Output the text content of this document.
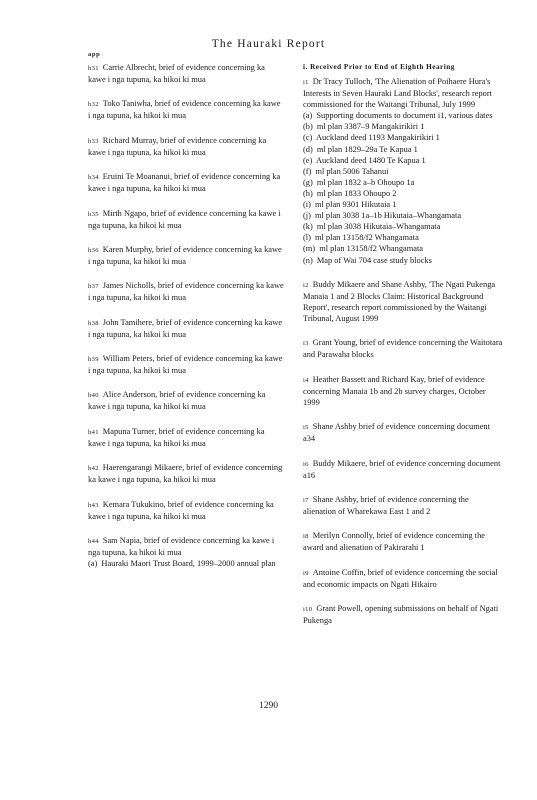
The Hauraki Report
app
h31 Carrie Albrecht, brief of evidence concerning ka kawe i nga tupuna, ka hikoi ki mua
h32 Toko Taniwha, brief of evidence concerning ka kawe i nga tupuna, ka hikoi ki mua
h33 Richard Murray, brief of evidence concerning ka kawe i nga tupuna, ka hikoi ki mua
h34 Eruini Te Moananui, brief of evidence concerning ka kawe i nga tupuna, ka hikoi ki mua
h35 Mirth Ngapo, brief of evidence concerning ka kawe i nga tupuna, ka hikoi ki mua
h36 Karen Murphy, brief of evidence concerning ka kawe i nga tupuna, ka hikoi ki mua
h37 James Nicholls, brief of evidence concerning ka kawe i nga tupuna, ka hikoi ki mua
h38 John Tamihere, brief of evidence concerning ka kawe i nga tupuna, ka hikoi ki mua
h39 William Peters, brief of evidence concerning ka kawe i nga tupuna, ka hikoi ki mua
h40 Alice Anderson, brief of evidence concerning ka kawe i nga tupuna, ka hikoi ki mua
h41 Mapuna Turner, brief of evidence concerning ka kawe i nga tupuna, ka hikoi ki mua
h42 Haerengarangi Mikaere, brief of evidence concerning ka kawe i nga tupuna, ka hikoi ki mua
h43 Kemara Tukukino, brief of evidence concerning ka kawe i nga tupuna, ka hikoi ki mua
h44 Sam Napia, brief of evidence concerning ka kawe i nga tupuna, ka hikoi ki mua
(a) Hauraki Maori Trust Board, 1999–2000 annual plan
i. Received Prior to End of Eighth Hearing
i1 Dr Tracy Tulloch, 'The Alienation of Poihaere Hura's Interests in Seven Hauraki Land Blocks', research report commissioned for the Waitangi Tribunal, July 1999
(a) Supporting documents to document i1, various dates
(b) ml plan 3387–9 Mangakirikiri 1
(c) Auckland deed 1193 Mangakirikiri 1
(d) ml plan 1829–29a Te Kapua 1
(e) Auckland deed 1480 Te Kapua 1
(f) ml plan 5006 Tahanui
(g) ml plan 1832 a–b Ohoupo 1a
(h) ml plan 1833 Ohoupo 2
(i) ml plan 9301 Hikutaia 1
(j) ml plan 3038 1a–1b Hikutaia–Whangamata
(k) ml plan 3038 Hikutaia–Whangamata
(l) ml plan 13158/f2 Whangamata
(m) ml plan 13158/f2 Whangamata
(n) Map of Wai 704 case study blocks
i2 Buddy Mikaere and Shane Ashby, 'The Ngati Pukenga Manaia 1 and 2 Blocks Claim: Historical Background Report', research report commissioned by the Waitangi Tribunal, August 1999
i3 Grant Young, brief of evidence concerning the Waitotara and Parawaha blocks
i4 Heather Bassett and Richard Kay, brief of evidence concerning Manaia 1b and 2b survey charges, October 1999
i5 Shane Ashby brief of evidence concerning document a34
i6 Buddy Mikaere, brief of evidence concerning document a16
i7 Shane Ashby, brief of evidence concerning the alienation of Wharekawa East 1 and 2
i8 Merilyn Connolly, brief of evidence concerning the award and alienation of Pakirarahi 1
i9 Antoine Coffin, brief of evidence concerning the social and economic impacts on Ngati Hikairo
i10 Grant Powell, opening submissions on behalf of Ngati Pukenga
1290
